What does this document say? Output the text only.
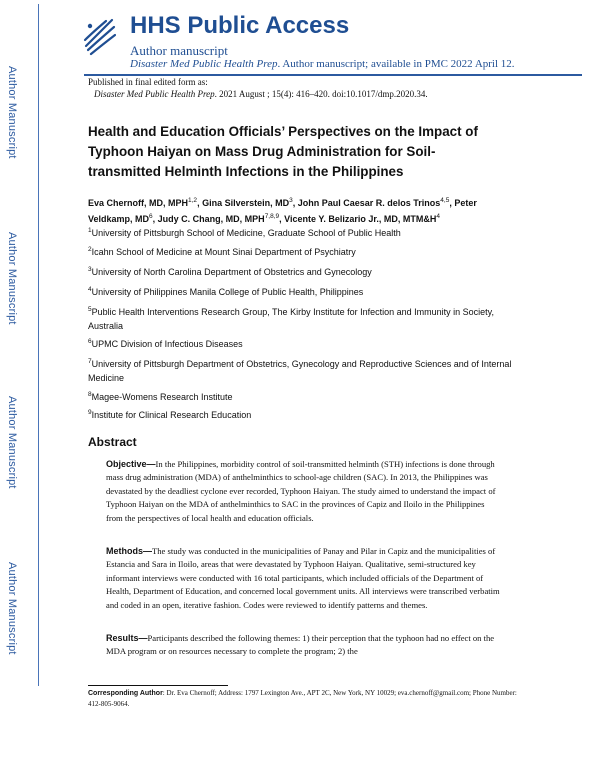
Author Manuscript
Author Manuscript
Author Manuscript
Author Manuscript
HHS Public Access
Author manuscript
Disaster Med Public Health Prep. Author manuscript; available in PMC 2022 April 12.
Published in final edited form as:
Disaster Med Public Health Prep. 2021 August ; 15(4): 416–420. doi:10.1017/dmp.2020.34.
Health and Education Officials’ Perspectives on the Impact of Typhoon Haiyan on Mass Drug Administration for Soil-transmitted Helminth Infections in the Philippines
Eva Chernoff, MD, MPH$^{1,2}$, Gina Silverstein, $MD^3$, John Paul Caesar R. delos Trinos$^{4,5}$, Peter Veldkamp, $MD^6$, Judy C. Chang, MD, MPH$^{7,8,9}$, Vicente Y. Belizario Jr., MD, $MTM\&H^4$
$^1$University of Pittsburgh School of Medicine, Graduate School of Public Health
$^2$Icahn School of Medicine at Mount Sinai Department of Psychiatry
$^3$University of North Carolina Department of Obstetrics and Gynecology
$^4$University of Philippines Manila College of Public Health, Philippines
$^5$Public Health Interventions Research Group, The Kirby Institute for Infection and Immunity in Society, Australia
$^6$UPMC Division of Infectious Diseases
$^7$University of Pittsburgh Department of Obstetrics, Gynecology and Reproductive Sciences and of Internal Medicine
$^8$Magee-Womens Research Institute
$^9$Institute for Clinical Research Education
Abstract
Objective—In the Philippines, morbidity control of soil-transmitted helminth (STH) infections is done through mass drug administration (MDA) of anthelminthics to school-age children (SAC). In 2013, the Philippines was devastated by the deadliest cyclone ever recorded, Typhoon Haiyan. The study aimed to understand the impact of Typhoon Haiyan on the MDA of anthelminthics to SAC in the provinces of Capiz and Iloilo in the Philippines from the perspectives of local health and education officials.
Methods—The study was conducted in the municipalities of Panay and Pilar in Capiz and the municipalities of Estancia and Sara in Iloilo, areas that were devastated by Typhoon Haiyan. Qualitative, semi-structured key informant interviews were conducted with 16 total participants, which included officials of the Department of Health, Department of Education, and concerned local government units. All interviews were transcribed verbatim and coded in an open, iterative fashion. Codes were reviewed to identify patterns and themes.
Results—Participants described the following themes: 1) their perception that the typhoon had no effect on the MDA program or on resources necessary to complete the program; 2) the
Corresponding Author: Dr. Eva Chernoff; Address: 1797 Lexington Ave., APT 2C, New York, NY 10029; eva.chernoff@gmail.com; Phone Number: 412-805-9064.
